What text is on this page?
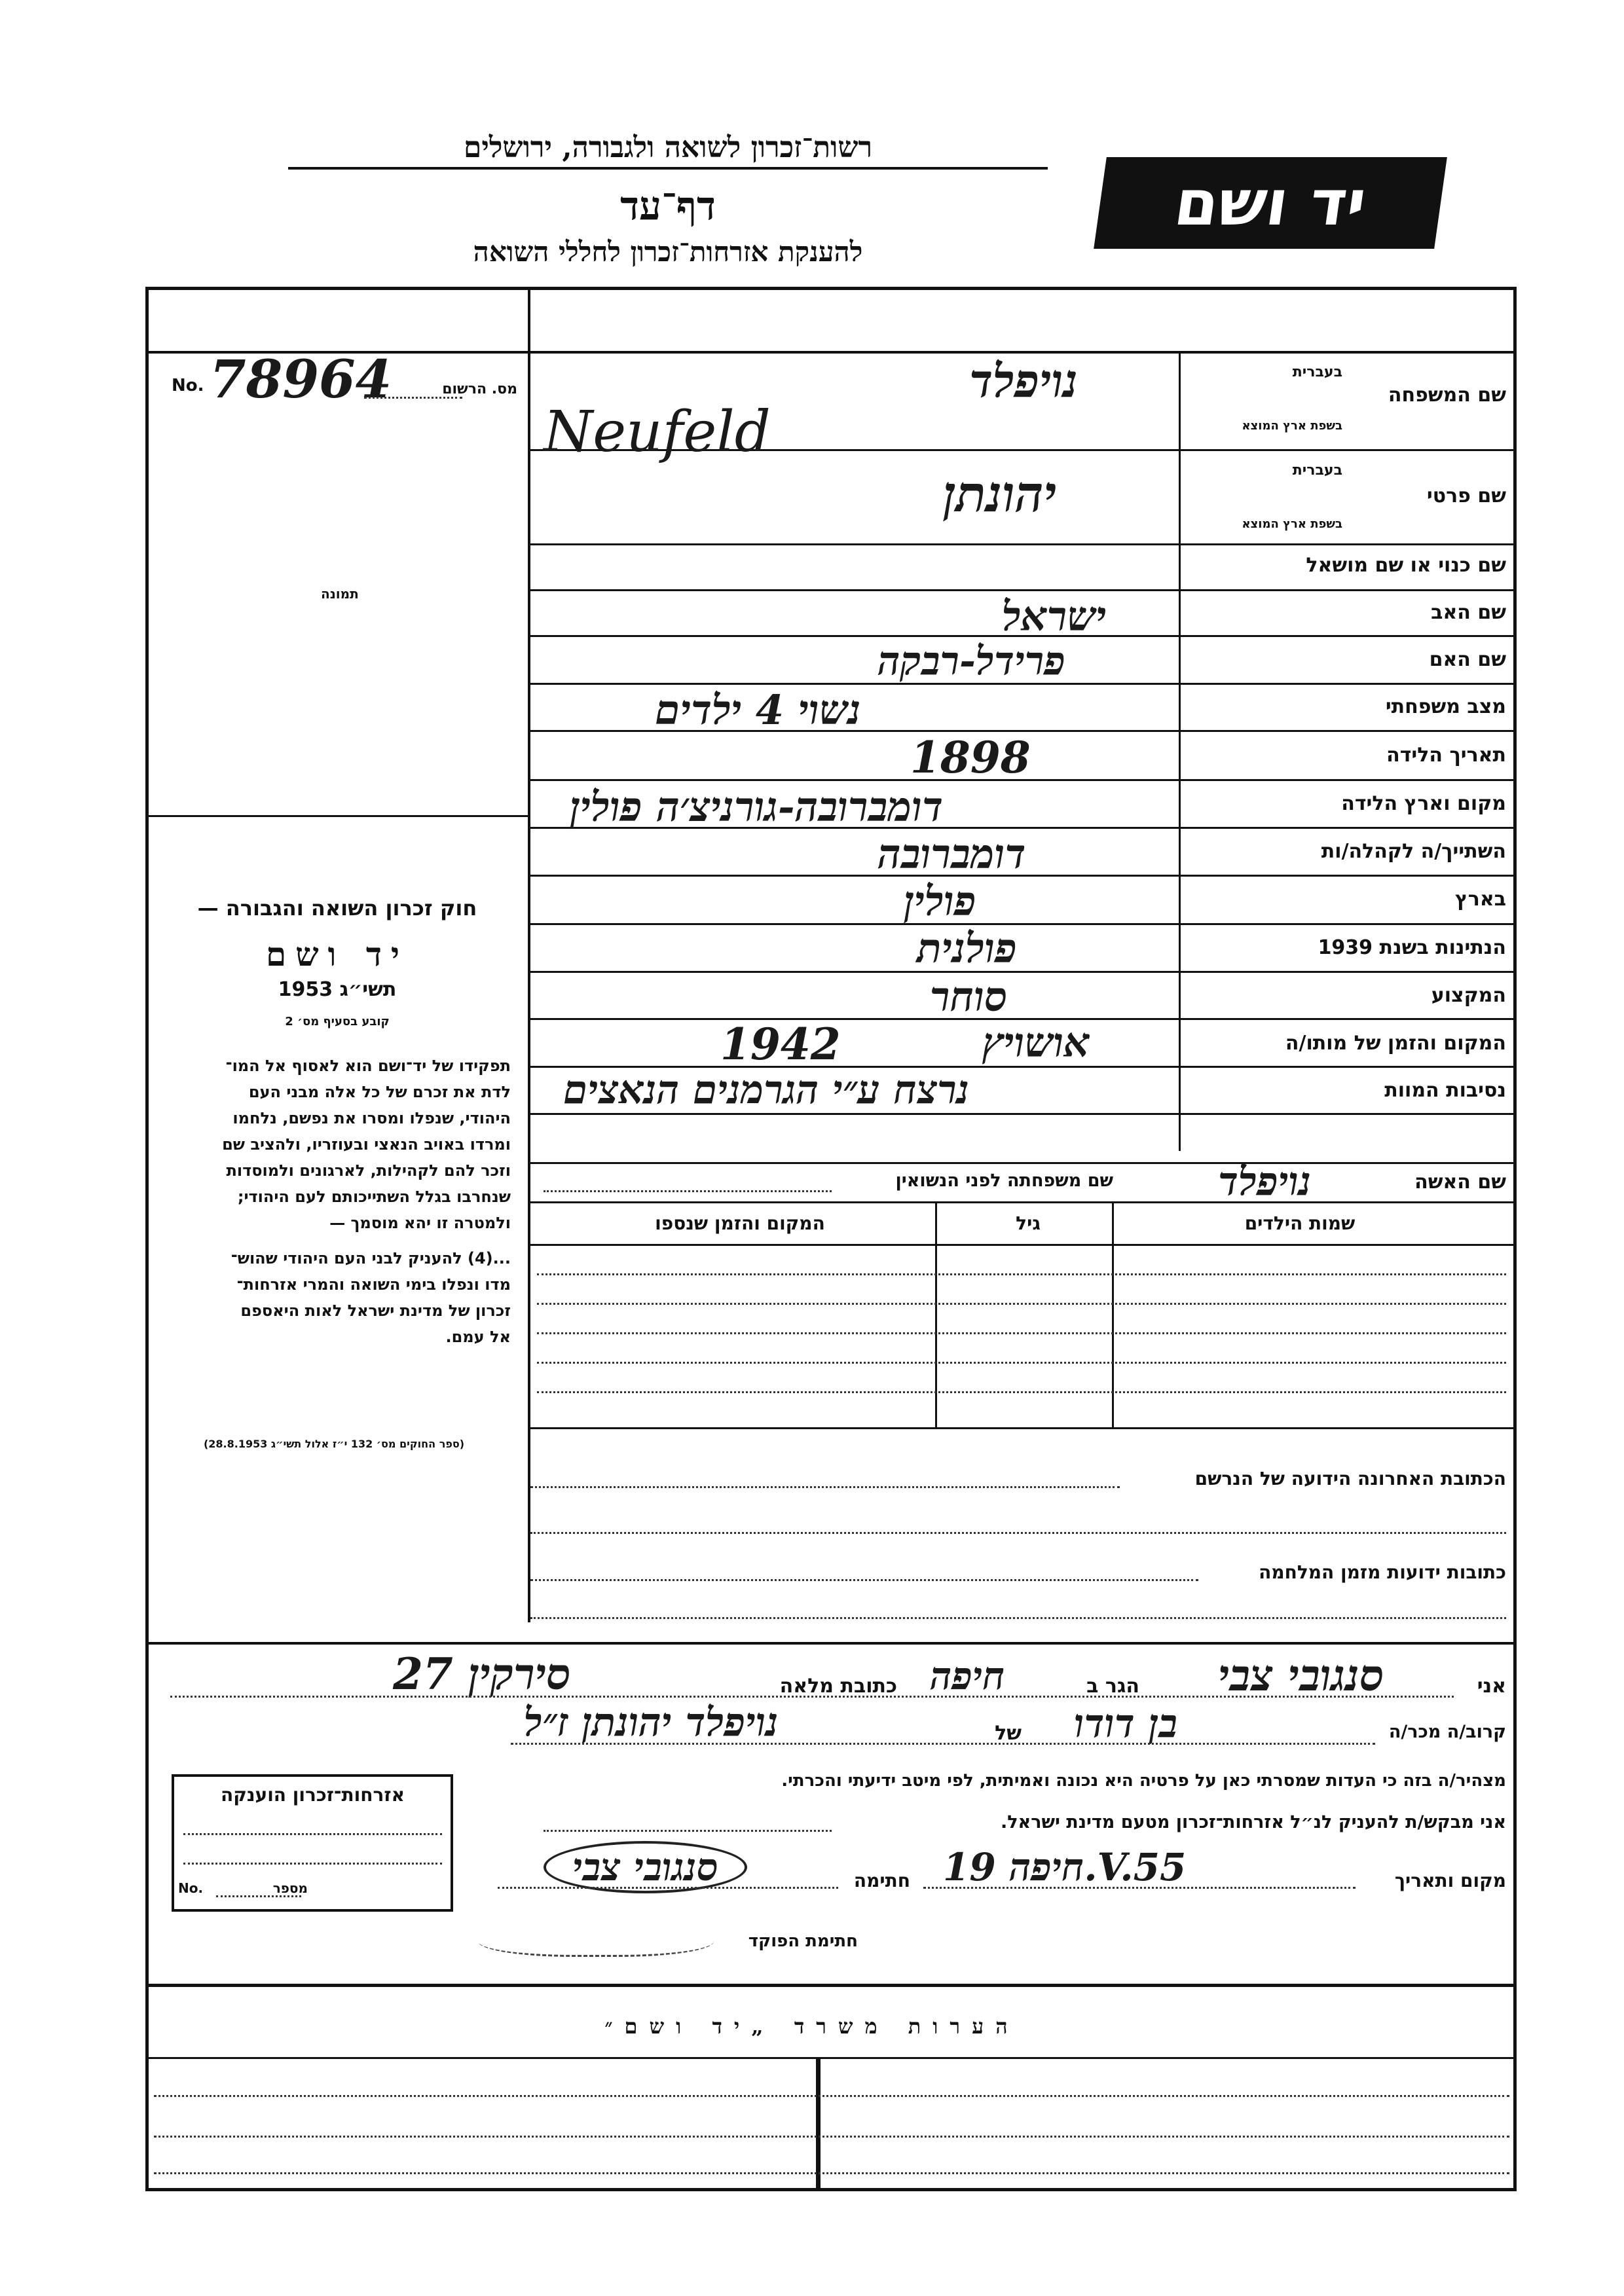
רשות־זכרון לשואה ולגבורה, ירושלים
דף־עד
להענקת אזרחות־זכרון לחללי השואה
יד ושם
No. 78964	מס. הרשום
תמונה
שם המשפחה
בעברית
בשפת ארץ המוצא
שם פרטי
בעברית
בשפת ארץ המוצא
שם כנוי או שם מושאל
שם האב
שם האם
מצב משפחתי
תאריך הלידה
מקום וארץ הלידה
השתייך/ה לקהלה/ות
בארץ
הנתינות בשנת 1939
המקצוע
המקום והזמן של מותו/ה
נסיבות המוות
שם האשה
שם משפחתה לפני הנשואין
נויפלד
Neufeld
יהונתן
ישראל
פרידל-רבקה
נשוי 4 ילדים
1898
דומברובה-גורניצ׳ה פולין
דומברובה
פולין
פולנית
סוחר
אושויץ
1942
נרצח ע״י הגרמנים הנאצים
נויפלד
שמות הילדים
גיל
המקום והזמן שנספו
חוק זכרון השואה והגבורה —
יד ושם
תשי״ג 1953
קובע בסעיף מס׳ 2
תפקידו של יד־ושם הוא לאסוף אל המו־
לדת את זכרם של כל אלה מבני העם
היהודי, שנפלו ומסרו את נפשם, נלחמו
ומרדו באויב הנאצי ובעוזריו, ולהציב שם
וזכר להם לקהילות, לארגונים ולמוסדות
שנחרבו בגלל השתייכותם לעם היהודי;
ולמטרה זו יהא מוסמך —
...(4) להעניק לבני העם היהודי שהוש־
מדו ונפלו בימי השואה והמרי אזרחות־
זכרון של מדינת ישראל לאות היאספם
אל עמם.
(ספר החוקים מס׳ 132 י״ז אלול תשי״ג 28.8.1953)
הכתובת האחרונה הידועה של הנרשם
כתובות ידועות מזמן המלחמה
אני
סנגובי צבי
הגר ב
חיפה
כתובת מלאה
סירקין 27
קרוב/ה מכר/ה
בן דודו
של
נויפלד יהונתן ז״ל
מצהיר/ה בזה כי העדות שמסרתי כאן על פרטיה היא נכונה ואמיתית, לפי מיטב ידיעתי והכרתי.
אני מבקש/ת להעניק לנ״ל אזרחות־זכרון מטעם מדינת ישראל.
מקום ותאריך
חיפה 19.V.55
חתימה
סנגובי צבי
חתימת הפוקד
אזרחות־זכרון הוענקה
No.	מספר
הערות משרד „יד ושם״
